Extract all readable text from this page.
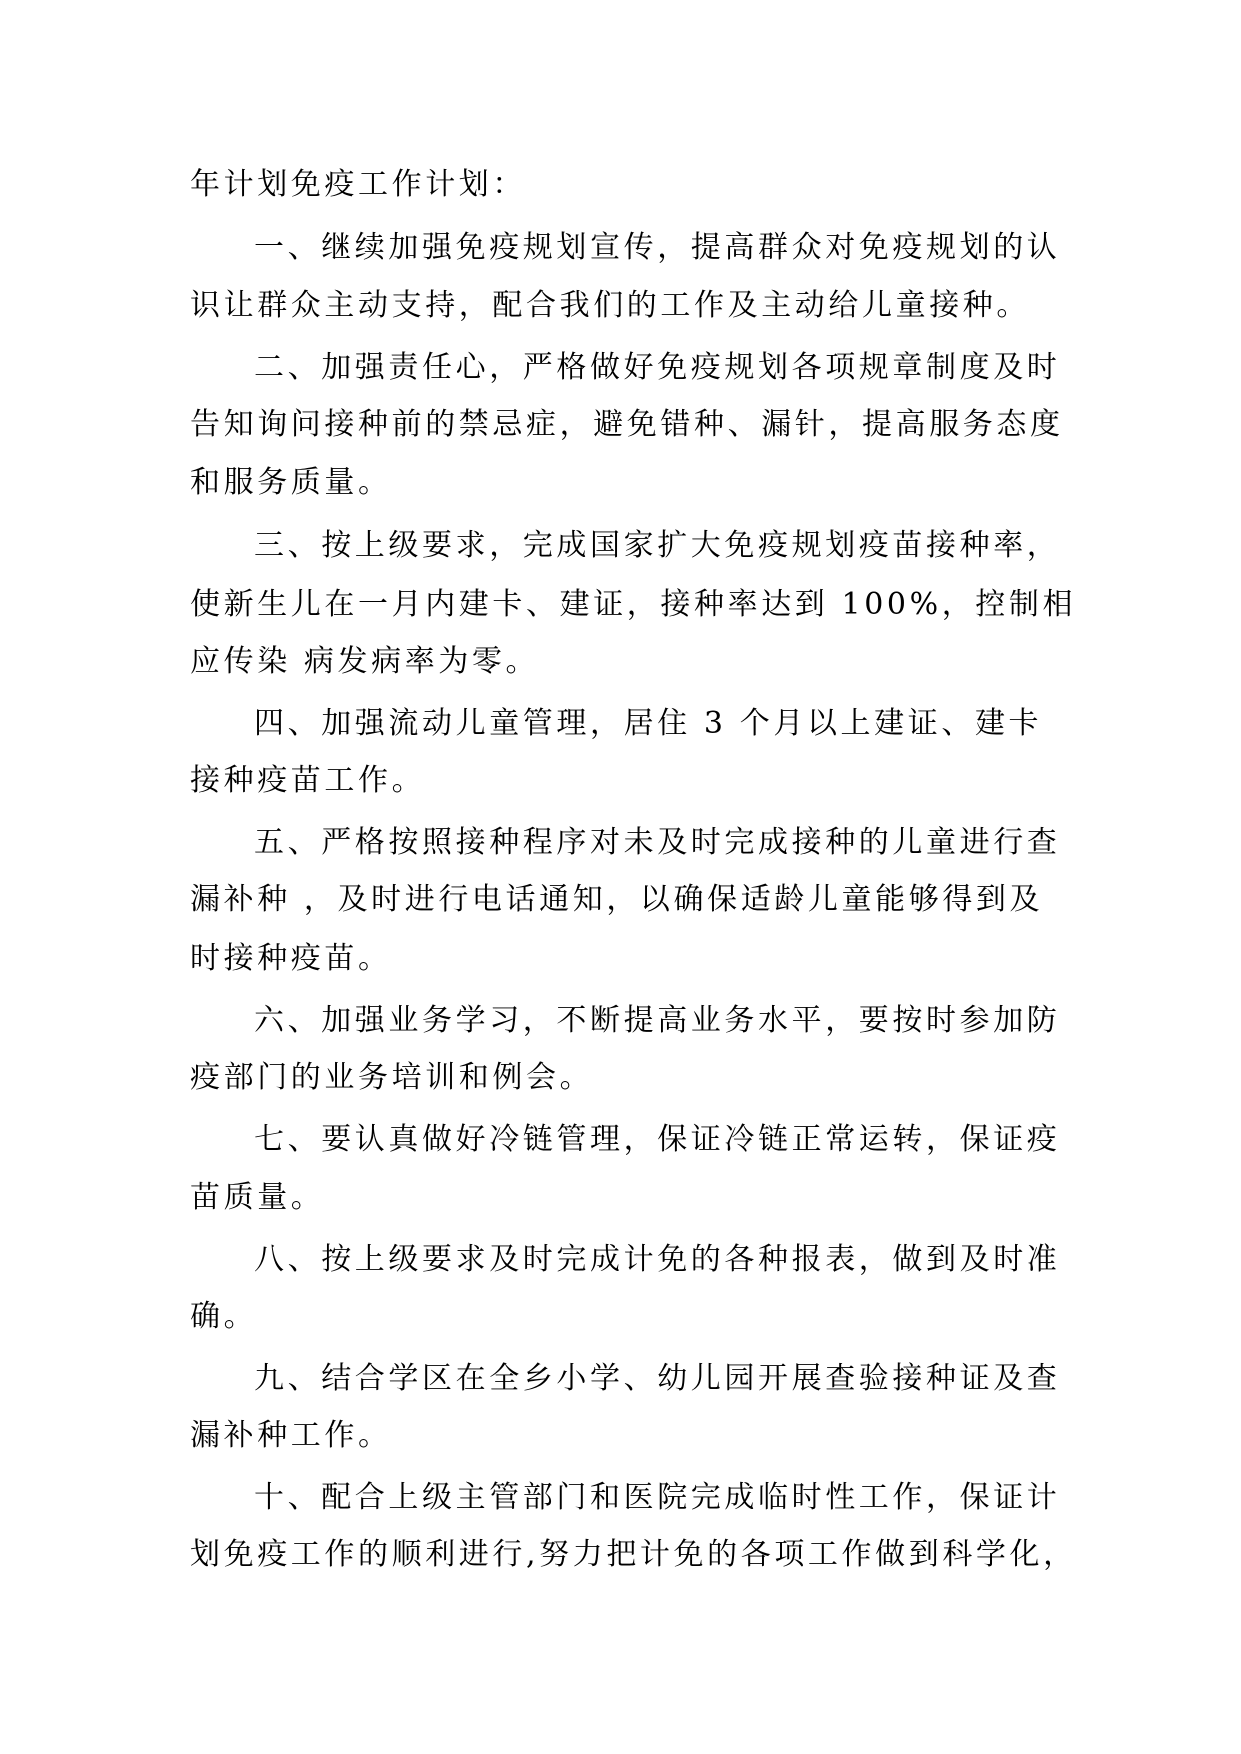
年计划免疫工作计划：
一、继续加强免疫规划宣传，提高群众对免疫规划的认
识让群众主动支持，配合我们的工作及主动给儿童接种。
二、加强责任心，严格做好免疫规划各项规章制度及时
告知询问接种前的禁忌症，避免错种、漏针，提高服务态度
和服务质量。
三、按上级要求，完成国家扩大免疫规划疫苗接种率，
使新生儿在一月内建卡、建证，接种率达到 100%，控制相
应传染 病发病率为零。
四、加强流动儿童管理，居住 3 个月以上建证、建卡
接种疫苗工作。
五、严格按照接种程序对未及时完成接种的儿童进行查
漏补种 ，及时进行电话通知，以确保适龄儿童能够得到及
时接种疫苗。
六、加强业务学习，不断提高业务水平，要按时参加防
疫部门的业务培训和例会。
七、要认真做好冷链管理，保证冷链正常运转，保证疫
苗质量。
八、按上级要求及时完成计免的各种报表，做到及时准
确。
九、结合学区在全乡小学、幼儿园开展查验接种证及查
漏补种工作。
十、配合上级主管部门和医院完成临时性工作，保证计
划免疫工作的顺利进行,努力把计免的各项工作做到科学化，
